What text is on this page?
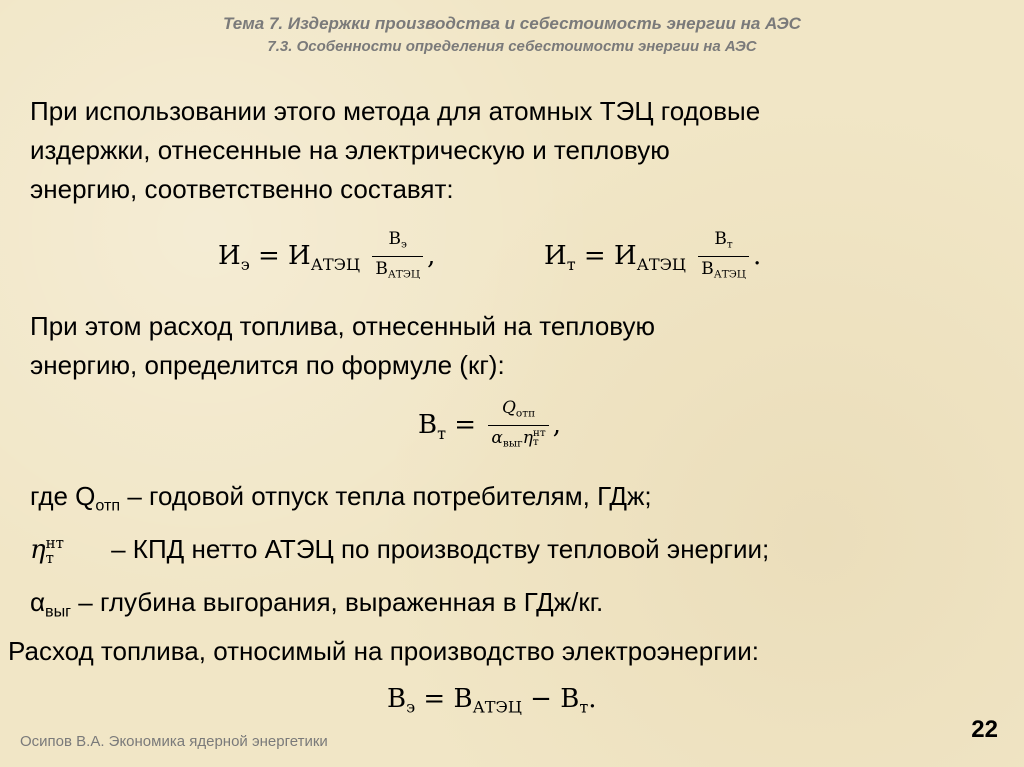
Тема 7. Издержки производства и себестоимость энергии на АЭС
7.3. Особенности определения себестоимости энергии на АЭС
При использовании этого метода для атомных ТЭЦ годовые
издержки, отнесенные на электрическую и тепловую
энергию, соответственно составят:
$И_э = И_{АТЭЦ} \frac{В_э}{В_{АТЭЦ}}$ ,	$И_т = И_{АТЭЦ} \frac{В_т}{В_{АТЭЦ}}$ .
При этом расход топлива, отнесенный на тепловую
энергию, определится по формуле (кг):
$В_т = Q_{отп}$
$\alpha_{выг}\eta$ нт
т ,
где $Q_{отп}$ – годовой отпуск тепла потребителям, ГДж;
η нт
т	– КПД нетто АТЭЦ по производству тепловой энергии;
$\alpha_{выг}$ – глубина выгорания, выраженная в ГДж/кг.
Расход топлива, относимый на производство электроэнергии:
$В_э = В_{АТЭЦ} - В_т$.
Осипов В.А. Экономика ядерной энергетики	22
